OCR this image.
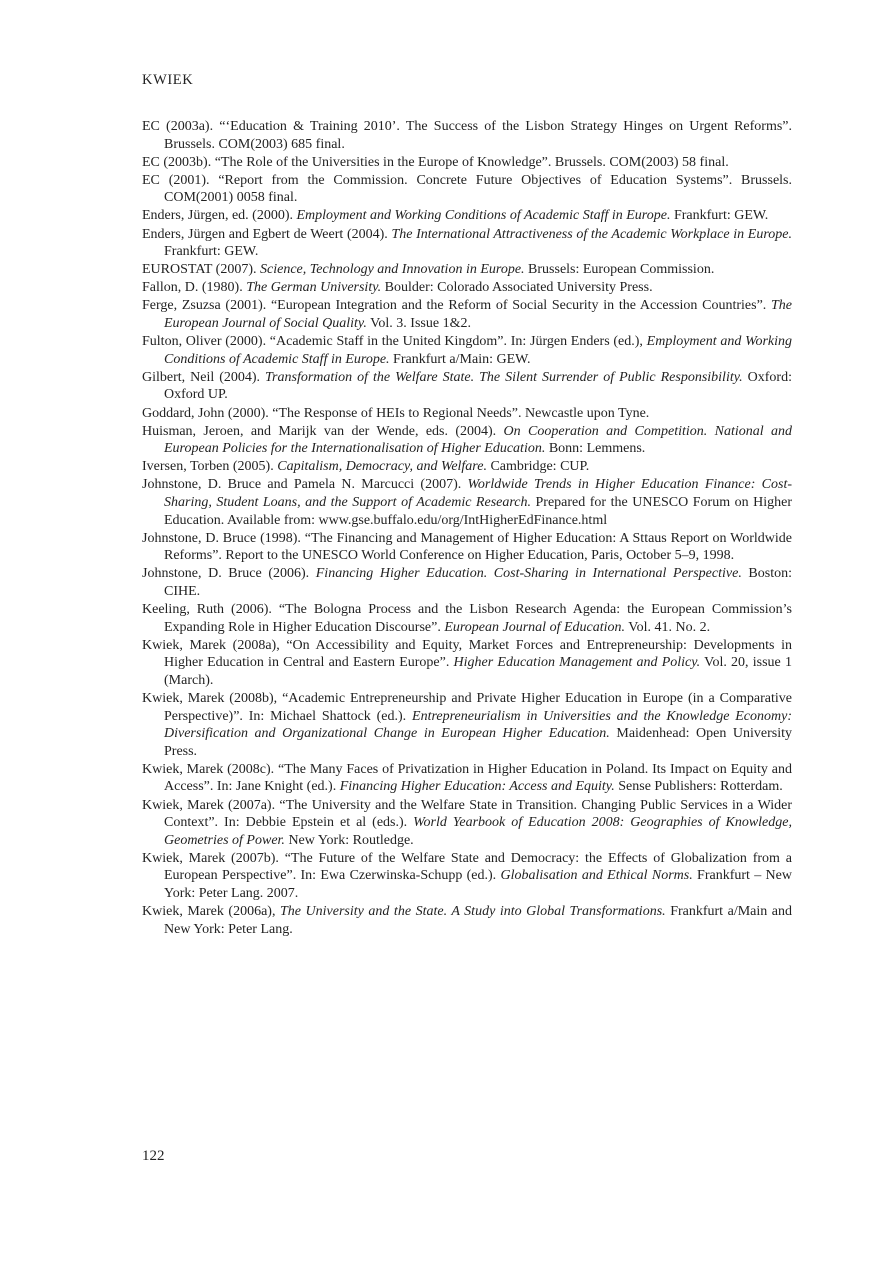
KWIEK
EC (2003a). “‘Education & Training 2010’. The Success of the Lisbon Strategy Hinges on Urgent Reforms”. Brussels. COM(2003) 685 final.
EC (2003b). “The Role of the Universities in the Europe of Knowledge”. Brussels. COM(2003) 58 final.
EC (2001). “Report from the Commission. Concrete Future Objectives of Education Systems”. Brussels. COM(2001) 0058 final.
Enders, Jürgen, ed. (2000). Employment and Working Conditions of Academic Staff in Europe. Frankfurt: GEW.
Enders, Jürgen and Egbert de Weert (2004). The International Attractiveness of the Academic Workplace in Europe. Frankfurt: GEW.
EUROSTAT (2007). Science, Technology and Innovation in Europe. Brussels: European Commission.
Fallon, D. (1980). The German University. Boulder: Colorado Associated University Press.
Ferge, Zsuzsa (2001). “European Integration and the Reform of Social Security in the Accession Countries”. The European Journal of Social Quality. Vol. 3. Issue 1&2.
Fulton, Oliver (2000). “Academic Staff in the United Kingdom”. In: Jürgen Enders (ed.), Employment and Working Conditions of Academic Staff in Europe. Frankfurt a/Main: GEW.
Gilbert, Neil (2004). Transformation of the Welfare State. The Silent Surrender of Public Responsibility. Oxford: Oxford UP.
Goddard, John (2000). “The Response of HEIs to Regional Needs”. Newcastle upon Tyne.
Huisman, Jeroen, and Marijk van der Wende, eds. (2004). On Cooperation and Competition. National and European Policies for the Internationalisation of Higher Education. Bonn: Lemmens.
Iversen, Torben (2005). Capitalism, Democracy, and Welfare. Cambridge: CUP.
Johnstone, D. Bruce and Pamela N. Marcucci (2007). Worldwide Trends in Higher Education Finance: Cost-Sharing, Student Loans, and the Support of Academic Research. Prepared for the UNESCO Forum on Higher Education. Available from: www.gse.buffalo.edu/org/IntHigherEdFinance.html
Johnstone, D. Bruce (1998). “The Financing and Management of Higher Education: A Sttaus Report on Worldwide Reforms”. Report to the UNESCO World Conference on Higher Education, Paris, October 5–9, 1998.
Johnstone, D. Bruce (2006). Financing Higher Education. Cost-Sharing in International Perspective. Boston: CIHE.
Keeling, Ruth (2006). “The Bologna Process and the Lisbon Research Agenda: the European Commission’s Expanding Role in Higher Education Discourse”. European Journal of Education. Vol. 41. No. 2.
Kwiek, Marek (2008a), “On Accessibility and Equity, Market Forces and Entrepreneurship: Developments in Higher Education in Central and Eastern Europe”. Higher Education Management and Policy. Vol. 20, issue 1 (March).
Kwiek, Marek (2008b), “Academic Entrepreneurship and Private Higher Education in Europe (in a Comparative Perspective)”. In: Michael Shattock (ed.). Entrepreneurialism in Universities and the Knowledge Economy: Diversification and Organizational Change in European Higher Education. Maidenhead: Open University Press.
Kwiek, Marek (2008c). “The Many Faces of Privatization in Higher Education in Poland. Its Impact on Equity and Access”. In: Jane Knight (ed.). Financing Higher Education: Access and Equity. Sense Publishers: Rotterdam.
Kwiek, Marek (2007a). “The University and the Welfare State in Transition. Changing Public Services in a Wider Context”. In: Debbie Epstein et al (eds.). World Yearbook of Education 2008: Geographies of Knowledge, Geometries of Power. New York: Routledge.
Kwiek, Marek (2007b). “The Future of the Welfare State and Democracy: the Effects of Globalization from a European Perspective”. In: Ewa Czerwinska-Schupp (ed.). Globalisation and Ethical Norms. Frankfurt – New York: Peter Lang. 2007.
Kwiek, Marek (2006a), The University and the State. A Study into Global Transformations. Frankfurt a/Main and New York: Peter Lang.
122
